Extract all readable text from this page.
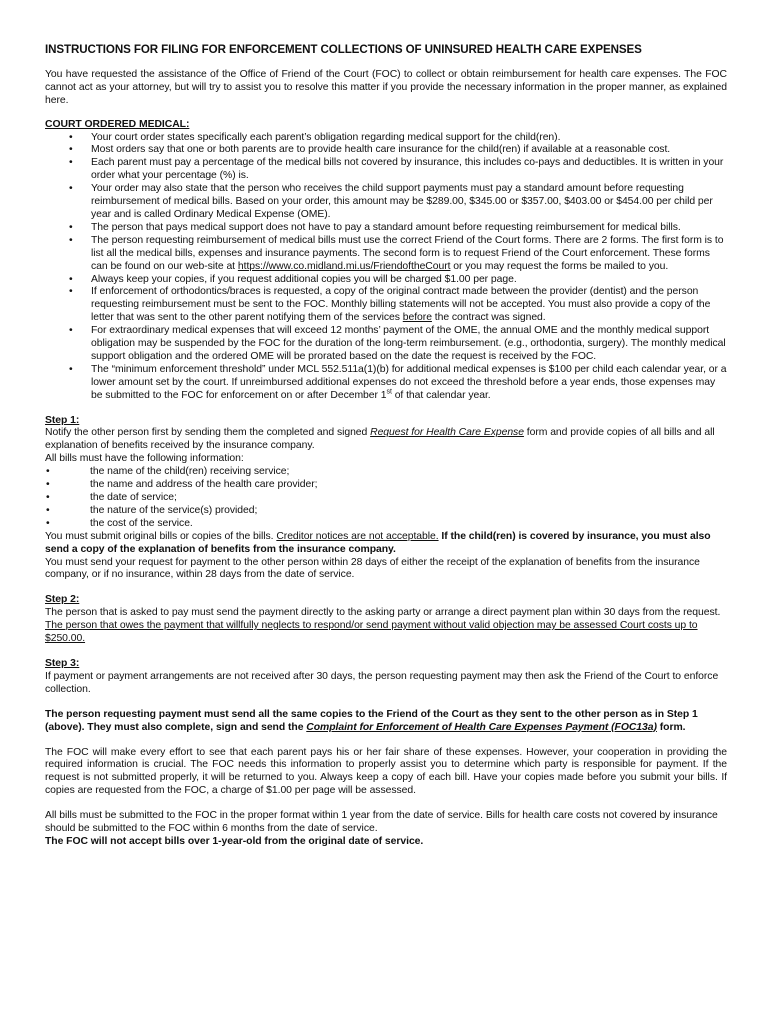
INSTRUCTIONS FOR FILING FOR ENFORCEMENT COLLECTIONS OF UNINSURED HEALTH CARE EXPENSES

You have requested the assistance of the Office of Friend of the Court (FOC) to collect or obtain reimbursement for health care expenses. The FOC cannot act as your attorney, but will try to assist you to resolve this matter if you provide the necessary information in the proper manner, as explained here.

COURT ORDERED MEDICAL:

• Your court order states specifically each parent’s obligation regarding medical support for the child(ren).
• Most orders say that one or both parents are to provide health care insurance for the child(ren) if available at a reasonable cost.
• Each parent must pay a percentage of the medical bills not covered by insurance, this includes co-pays and deductibles. It is written in your order what your percentage (%) is.
• Your order may also state that the person who receives the child support payments must pay a standard amount before requesting reimbursement of medical bills. Based on your order, this amount may be $289.00, $345.00 or $357.00, $403.00 or $454.00 per child per year and is called Ordinary Medical Expense (OME).
• The person that pays medical support does not have to pay a standard amount before requesting reimbursement for medical bills.
• The person requesting reimbursement of medical bills must use the correct Friend of the Court forms. There are 2 forms. The first form is to list all the medical bills, expenses and insurance payments. The second form is to request Friend of the Court enforcement. These forms can be found on our web-site at https://www.co.midland.mi.us/FriendoftheCourt or you may request the forms be mailed to you.
• Always keep your copies, if you request additional copies you will be charged $1.00 per page.
• If enforcement of orthodontics/braces is requested, a copy of the original contract made between the provider (dentist) and the person requesting reimbursement must be sent to the FOC. Monthly billing statements will not be accepted. You must also provide a copy of the letter that was sent to the other parent notifying them of the services before the contract was signed.
• For extraordinary medical expenses that will exceed 12 months’ payment of the OME, the annual OME and the monthly medical support obligation may be suspended by the FOC for the duration of the long-term reimbursement. (e.g., orthodontia, surgery). The monthly medical support obligation and the ordered OME will be prorated based on the date the request is received by the FOC.
• The “minimum enforcement threshold” under MCL 552.511a(1)(b) for additional medical expenses is $100 per child each calendar year, or a lower amount set by the court. If unreimbursed additional expenses do not exceed the threshold before a year ends, those expenses may be submitted to the FOC for enforcement on or after December 1st of that calendar year.

Step 1:

Notify the other person first by sending them the completed and signed Request for Health Care Expense form and provide copies of all bills and all explanation of benefits received by the insurance company.

All bills must have the following information:

• the name of the child(ren) receiving service;
• the name and address of the health care provider;
• the date of service;
• the nature of the service(s) provided;
• the cost of the service.

You must submit original bills or copies of the bills. Creditor notices are not acceptable. If the child(ren) is covered by insurance, you must also send a copy of the explanation of benefits from the insurance company.

You must send your request for payment to the other person within 28 days of either the receipt of the explanation of benefits from the insurance company, or if no insurance, within 28 days from the date of service.

Step 2:

The person that is asked to pay must send the payment directly to the asking party or arrange a direct payment plan within 30 days from the request.

The person that owes the payment that willfully neglects to respond/or send payment without valid objection may be assessed Court costs up to $250.00.

Step 3:

If payment or payment arrangements are not received after 30 days, the person requesting payment may then ask the Friend of the Court to enforce collection.

The person requesting payment must send all the same copies to the Friend of the Court as they sent to the other person as in Step 1 (above). They must also complete, sign and send the Complaint for Enforcement of Health Care Expenses Payment (FOC13a) form.

The FOC will make every effort to see that each parent pays his or her fair share of these expenses. However, your cooperation in providing the required information is crucial. The FOC needs this information to properly assist you to determine which party is responsible for payment. If the request is not submitted properly, it will be returned to you. Always keep a copy of each bill. Have your copies made before you submit your bills. If copies are requested from the FOC, a charge of $1.00 per page will be assessed.

All bills must be submitted to the FOC in the proper format within 1 year from the date of service. Bills for health care costs not covered by insurance should be submitted to the FOC within 6 months from the date of service.

The FOC will not accept bills over 1-year-old from the original date of service.
